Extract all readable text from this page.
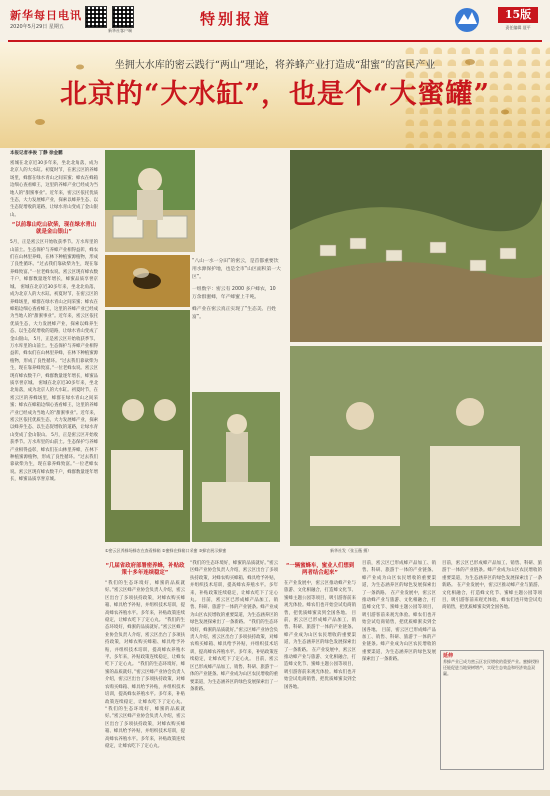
新华每日电讯
2020年5月29日 星期五
新华社客户端
特别报道	15版
责任编辑 聂平
坐拥大水库的密云践行“两山”理论，将养蜂产业打造成“甜蜜”的富民产业
北京的“大水缸”，也是个“大蜜罐”
本报记者李俊 丁静 徐金鹏
密城在北京近30多年来，坐北北角落，成为北京人的大水缸。初夏时节，在密云区的养蜂场里，蜂群在绿水青山之间采蜜；蜂农在蜂箱边细心查看蜂王，这里的养蜂产业已经成为当地人的“甜蜜事业”。近年来，密云区依托优质生态，大力发展蜂产业，探索以蜂养生态、以生态促增收的道路，让绿水青山变成了金山银山。
“以前靠山吃山砍柴，现在绿水青山就是金山银山”
5月，正是密云区开始收获季节。万水库里的山前土。生态保护与养蜂产业相得益彰，蜂农们在山林里养蜂，在林下种植蜜源植物，形成了良性循环。“过去我们靠砍柴为生，现在靠养蜂致富。”一位老蜂农说。密云区现有蜂农数千户，蜂群数量逐年增长，蜂蜜品质享誉京城。 密城在北京近30多年来，坐北北角落，成为北京人的大水缸。初夏时节，在密云区的养蜂场里，蜂群在绿水青山之间采蜜；蜂农在蜂箱边细心查看蜂王，这里的养蜂产业已经成为当地人的“甜蜜事业”。近年来，密云区依托优质生态，大力发展蜂产业，探索以蜂养生态、以生态促增收的道路，让绿水青山变成了金山银山。 5月，正是密云区开始收获季节。万水库里的山前土。生态保护与养蜂产业相得益彰，蜂农们在山林里养蜂，在林下种植蜜源植物，形成了良性循环。“过去我们靠砍柴为生，现在靠养蜂致富。”一位老蜂农说。密云区现有蜂农数千户，蜂群数量逐年增长，蜂蜜品质享誉京城。 密城在北京近30多年来，坐北北角落，成为北京人的大水缸。初夏时节，在密云区的养蜂场里，蜂群在绿水青山之间采蜜；蜂农在蜂箱边细心查看蜂王，这里的养蜂产业已经成为当地人的“甜蜜事业”。近年来，密云区依托优质生态，大力发展蜂产业，探索以蜂养生态、以生态促增收的道路，让绿水青山变成了金山银山。 5月，正是密云区开始收获季节。万水库里的山前土。生态保护与养蜂产业相得益彰，蜂农们在山林里养蜂，在林下种植蜜源植物，形成了良性循环。“过去我们靠砍柴为生，现在靠养蜂致富。”一位老蜂农说。密云区现有蜂农数千户，蜂群数量逐年增长，蜂蜜品质享誉京城。
“八山一水一分田”的密云，是首都重要饮用水源保护地，也是全市“山区面积第一大区”。
一组数字：密云有 2000 多户蜂农，10 万余群蜜蜂，年产蜂蜜上千吨。
蜂产业在密云真正实现了“生态美、百姓富”。
①密云区养蜂场蜂农在查看蜂箱 ②蜜蜂在蜂箱口采蜜 ③蜂农展示蜂蜜	新华社发（张玉薇 摄）
“几届省政府部署密养蜂，补贴政策十多年连续稳定”
“我们的生态环境好，蜂蜜的品质就好。”密云区蜂产业协会负责人介绍，密云区出台了多项扶持政策，对蜂农购买蜂箱、蜂具给予补贴，并组织技术培训，提高蜂农养殖水平。多年来，补贴政策连续稳定，让蜂农吃下了定心丸。 “我们的生态环境好，蜂蜜的品质就好。”密云区蜂产业协会负责人介绍，密云区出台了多项扶持政策，对蜂农购买蜂箱、蜂具给予补贴，并组织技术培训，提高蜂农养殖水平。多年来，补贴政策连续稳定，让蜂农吃下了定心丸。 “我们的生态环境好，蜂蜜的品质就好。”密云区蜂产业协会负责人介绍，密云区出台了多项扶持政策，对蜂农购买蜂箱、蜂具给予补贴，并组织技术培训，提高蜂农养殖水平。多年来，补贴政策连续稳定，让蜂农吃下了定心丸。 “我们的生态环境好，蜂蜜的品质就好。”密云区蜂产业协会负责人介绍，密云区出台了多项扶持政策，对蜂农购买蜂箱、蜂具给予补贴，并组织技术培训，提高蜂农养殖水平。多年来，补贴政策连续稳定，让蜂农吃下了定心丸。
“我们的生态环境好，蜂蜜的品质就好。”密云区蜂产业协会负责人介绍，密云区出台了多项扶持政策，对蜂农购买蜂箱、蜂具给予补贴，并组织技术培训，提高蜂农养殖水平。多年来，补贴政策连续稳定，让蜂农吃下了定心丸。 目前，密云区已形成蜂产品加工、销售、科研、旅游于一体的产业链条。蜂产业成为山区农民增收的重要渠道，为生态涵养区的绿色发展探索出了一条新路。 “我们的生态环境好，蜂蜜的品质就好。”密云区蜂产业协会负责人介绍，密云区出台了多项扶持政策，对蜂农购买蜂箱、蜂具给予补贴，并组织技术培训，提高蜂农养殖水平。多年来，补贴政策连续稳定，让蜂农吃下了定心丸。 目前，密云区已形成蜂产品加工、销售、科研、旅游于一体的产业链条。蜂产业成为山区农民增收的重要渠道，为生态涵养区的绿色发展探索出了一条新路。
“一辆蜜蜂车，蜜业人们想到两者结合起来”
在产业发展中，密云区推动蜂产业与旅游、文化相融合，打造蜂文化节、蜜蜂主题公园等项目，吸引游客前来观光体验。蜂农们也开始尝试电商销售，把优质蜂蜜卖到全国各地。 目前，密云区已形成蜂产品加工、销售、科研、旅游于一体的产业链条。蜂产业成为山区农民增收的重要渠道，为生态涵养区的绿色发展探索出了一条新路。 在产业发展中，密云区推动蜂产业与旅游、文化相融合，打造蜂文化节、蜜蜂主题公园等项目，吸引游客前来观光体验。蜂农们也开始尝试电商销售，把优质蜂蜜卖到全国各地。
目前，密云区已形成蜂产品加工、销售、科研、旅游于一体的产业链条。蜂产业成为山区农民增收的重要渠道，为生态涵养区的绿色发展探索出了一条新路。 在产业发展中，密云区推动蜂产业与旅游、文化相融合，打造蜂文化节、蜜蜂主题公园等项目，吸引游客前来观光体验。蜂农们也开始尝试电商销售，把优质蜂蜜卖到全国各地。 目前，密云区已形成蜂产品加工、销售、科研、旅游于一体的产业链条。蜂产业成为山区农民增收的重要渠道，为生态涵养区的绿色发展探索出了一条新路。
延伸
养蜂产业已成为密云区农民增收的重要产业。蜜蜂授粉还能促进当地果树增产，实现生态效益和经济效益双赢。
目前，密云区已形成蜂产品加工、销售、科研、旅游于一体的产业链条。蜂产业成为山区农民增收的重要渠道，为生态涵养区的绿色发展探索出了一条新路。 在产业发展中，密云区推动蜂产业与旅游、文化相融合，打造蜂文化节、蜜蜂主题公园等项目，吸引游客前来观光体验。蜂农们也开始尝试电商销售，把优质蜂蜜卖到全国各地。
